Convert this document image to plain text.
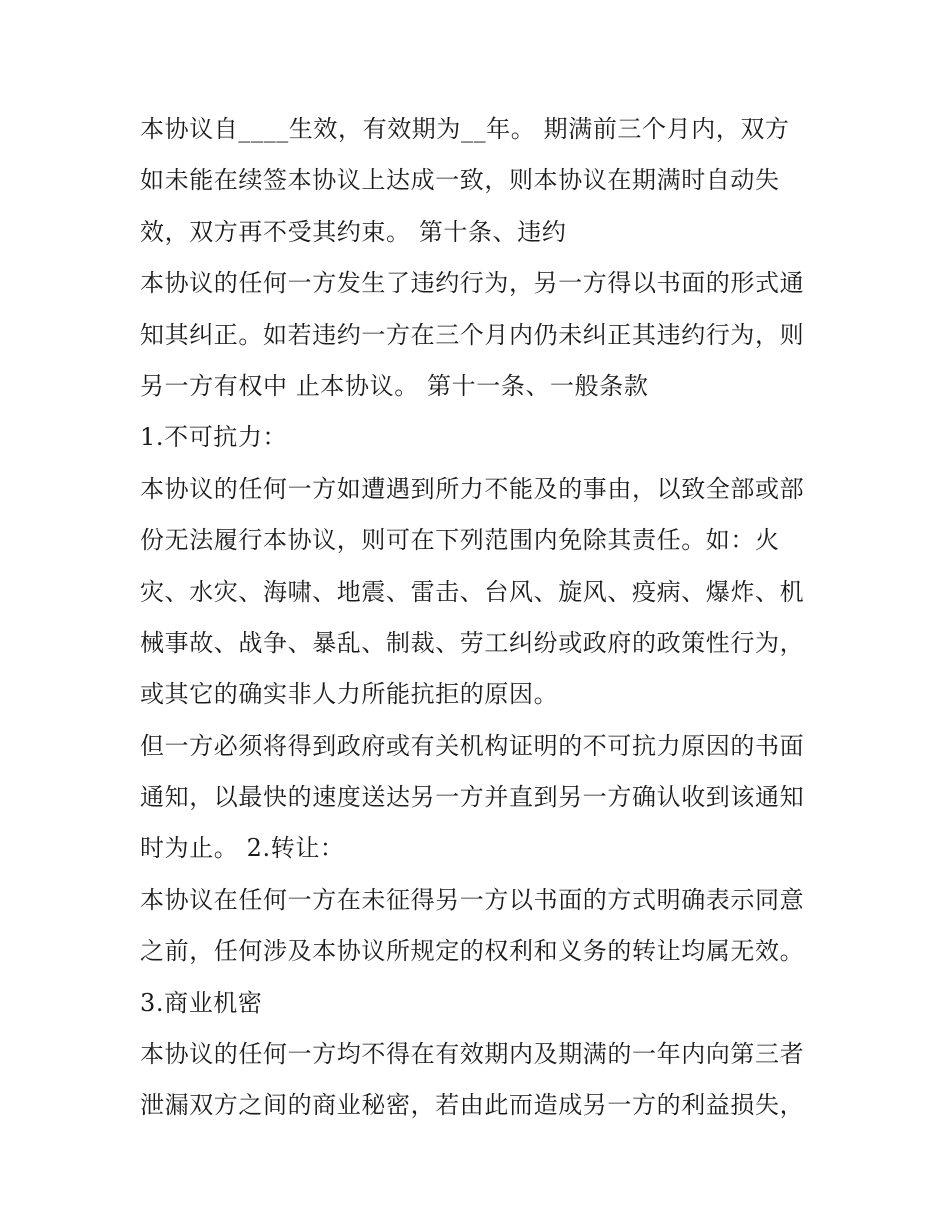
本协议自____生效，有效期为__年。 期满前三个月内，双方
如未能在续签本协议上达成一致，则本协议在期满时自动失
效，双方再不受其约束。 第十条、违约
本协议的任何一方发生了违约行为，另一方得以书面的形式通
知其纠正。如若违约一方在三个月内仍未纠正其违约行为，则
另一方有权中 止本协议。 第十一条、一般条款
1.不可抗力：
本协议的任何一方如遭遇到所力不能及的事由，以致全部或部
份无法履行本协议，则可在下列范围内免除其责任。如：火
灾、水灾、海啸、地震、雷击、台风、旋风、疫病、爆炸、机
械事故、战争、暴乱、制裁、劳工纠纷或政府的政策性行为，
或其它的确实非人力所能抗拒的原因。
但一方必须将得到政府或有关机构证明的不可抗力原因的书面
通知，以最快的速度送达另一方并直到另一方确认收到该通知
时为止。 2.转让：
本协议在任何一方在未征得另一方以书面的方式明确表示同意
之前，任何涉及本协议所规定的权利和义务的转让均属无效。
3.商业机密
本协议的任何一方均不得在有效期内及期满的一年内向第三者
泄漏双方之间的商业秘密，若由此而造成另一方的利益损失，
